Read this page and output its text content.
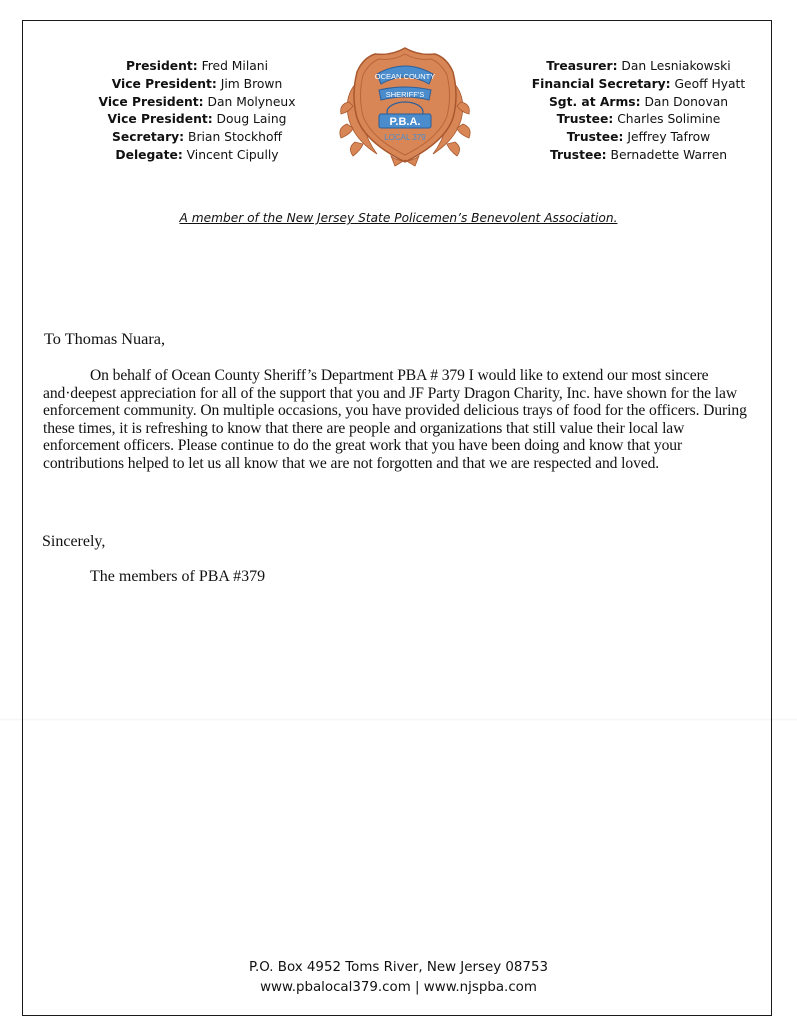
President: Fred Milani
Vice President: Jim Brown
Vice President: Dan Molyneux
Vice President: Doug Laing
Secretary: Brian Stockhoff
Delegate: Vincent Cipully
OCEAN COUNTY
SHERIFF'S
P.B.A.
LOCAL 379
Treasurer: Dan Lesniakowski
Financial Secretary: Geoff Hyatt
Sgt. at Arms: Dan Donovan
Trustee: Charles Solimine
Trustee: Jeffrey Tafrow
Trustee: Bernadette Warren
A member of the New Jersey State Policemen’s Benevolent Association.
To Thomas Nuara,
On behalf of Ocean County Sheriff’s Department PBA # 379 I would like to extend our most sincere and·deepest appreciation for all of the support that you and JF Party Dragon Charity, Inc. have shown for the law enforcement community. On multiple occasions, you have provided delicious trays of food for the officers. During these times, it is refreshing to know that there are people and organizations that still value their local law enforcement officers. Please continue to do the great work that you have been doing and know that your contributions helped to let us all know that we are not forgotten and that we are respected and loved.
Sincerely,
The members of PBA #379
P.O. Box 4952 Toms River, New Jersey 08753
www.pbalocal379.com | www.njspba.com
